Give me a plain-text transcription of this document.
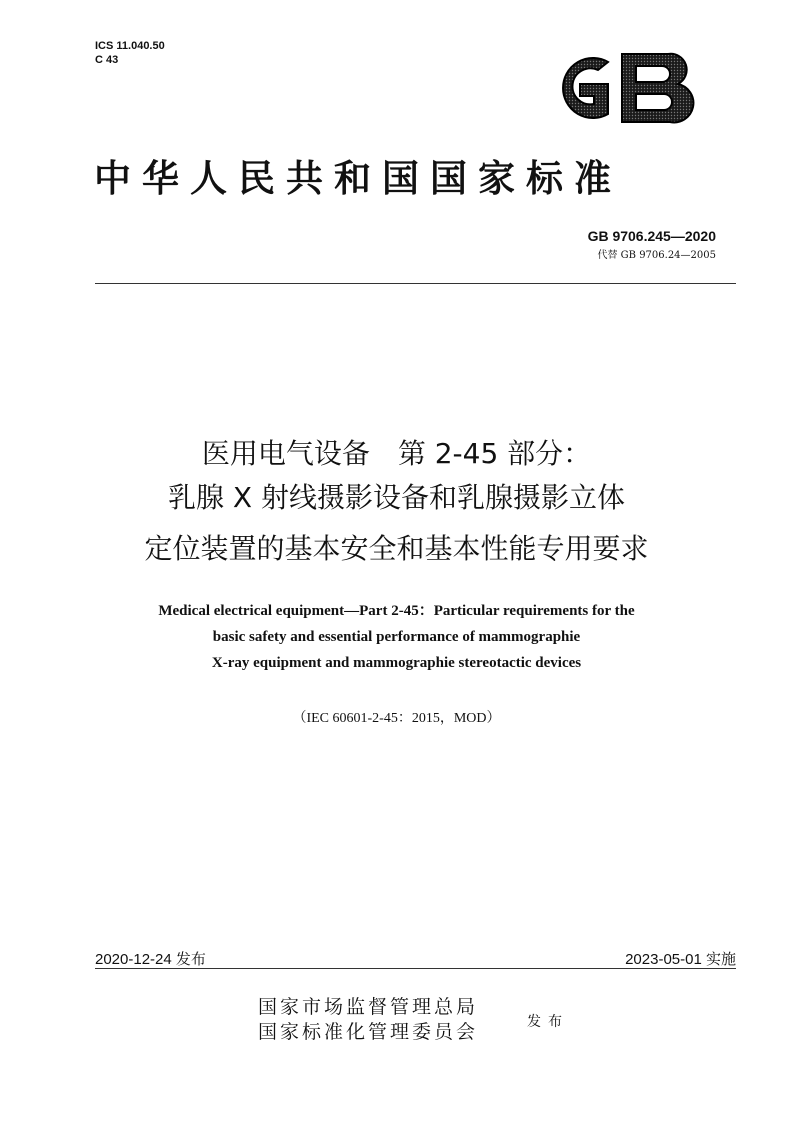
ICS 11.040.50
C 43
中华人民共和国国家标准
GB 9706.245—2020
代替 GB 9706.24—2005
医用电气设备　第 2-45 部分：
乳腺 X 射线摄影设备和乳腺摄影立体
定位装置的基本安全和基本性能专用要求
Medical electrical equipment—Part 2-45：Particular requirements for the
basic safety and essential performance of mammographie
X-ray equipment and mammographie stereotactic devices
（IEC 60601-2-45：2015，MOD）
2020-12-24 发布	2023-05-01 实施
国家市场监督管理总局
国家标准化管理委员会	发布
